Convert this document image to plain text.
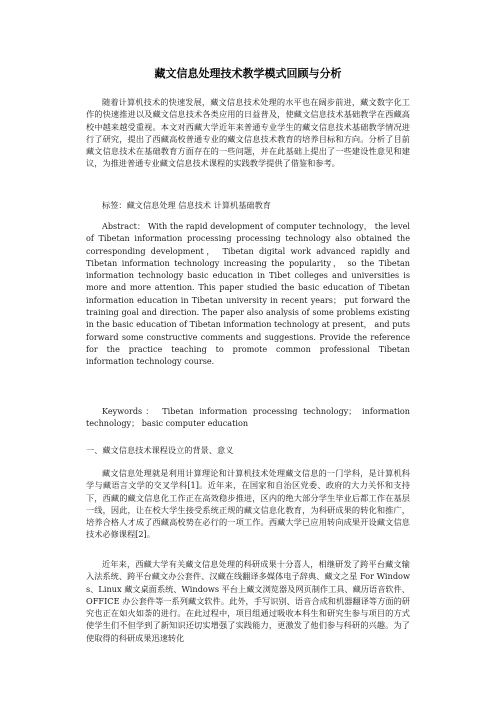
藏文信息处理技术教学模式回顾与分析
随着计算机技术的快速发展，藏文信息技术处理的水平也在阔步前进，藏文数字化工作的快速推进以及藏文信息技术各类应用的日益普及，使藏文信息技术基础教学在西藏高校中越来越受重视。本文对西藏大学近年来普通专业学生的藏文信息技术基础教学情况进行了研究，提出了西藏高校普通专业的藏文信息技术教育的培养目标和方向。分析了目前藏文信息技术在基础教育方面存在的一些问题，并在此基础上提出了一些建设性意见和建议，为推进普通专业藏文信息技术课程的实践教学提供了借鉴和参考。
标签：藏文信息处理 信息技术 计算机基础教育
Abstract： With the rapid development of computer technology， the level of Tibetan information processing processing technology also obtained the corresponding development， Tibetan digital work advanced rapidly and Tibetan information technology increasing the popularity， so the Tibetan information technology basic education in Tibet colleges and universities is more and more attention. This paper studied the basic education of Tibetan information education in Tibetan university in recent years； put forward the training goal and direction. The paper also analysis of some problems existing in the basic education of Tibetan information technology at present， and puts forward some constructive comments and suggestions. Provide the reference for the practice teaching to promote common professional Tibetan information technology course.
Keywords： Tibetan information processing technology； information technology； basic computer education
一、藏文信息技术课程设立的背景、意义
藏文信息处理就是利用计算理论和计算机技术处理藏文信息的一门学科，是计算机科学与藏语言文学的交叉学科[1]。近年来，在国家和自治区党委、政府的大力关怀和支持下，西藏的藏文信息化工作正在高效稳步推进，区内的绝大部分学生毕业后都工作在基层一线，因此，让在校大学生接受系统正规的藏文信息化教育，为科研成果的转化和推广，培养合格人才成了西藏高校势在必行的一项工作。西藏大学已应用转向成果开设藏文信息技术必修课程[2]。
近年来，西藏大学有关藏文信息处理的科研成果十分喜人，相继研发了跨平台藏文输入法系统、跨平台藏文办公套件、汉藏在线翻译多媒体电子辞典、藏文之星 For Windows、Linux 藏文桌面系统、Windows 平台上藏文浏览器及网页制作工具、藏历语音软件、OFFICE 办公套件等一系列藏文软件。此外，手写识别、语音合成和机器翻译等方面的研究也正在如火如荼的进行。在此过程中，项目组通过吸收本科生和研究生参与项目的方式使学生们不但学到了新知识还切实增强了实践能力，更激发了他们参与科研的兴趣。为了使取得的科研成果迅速转化
